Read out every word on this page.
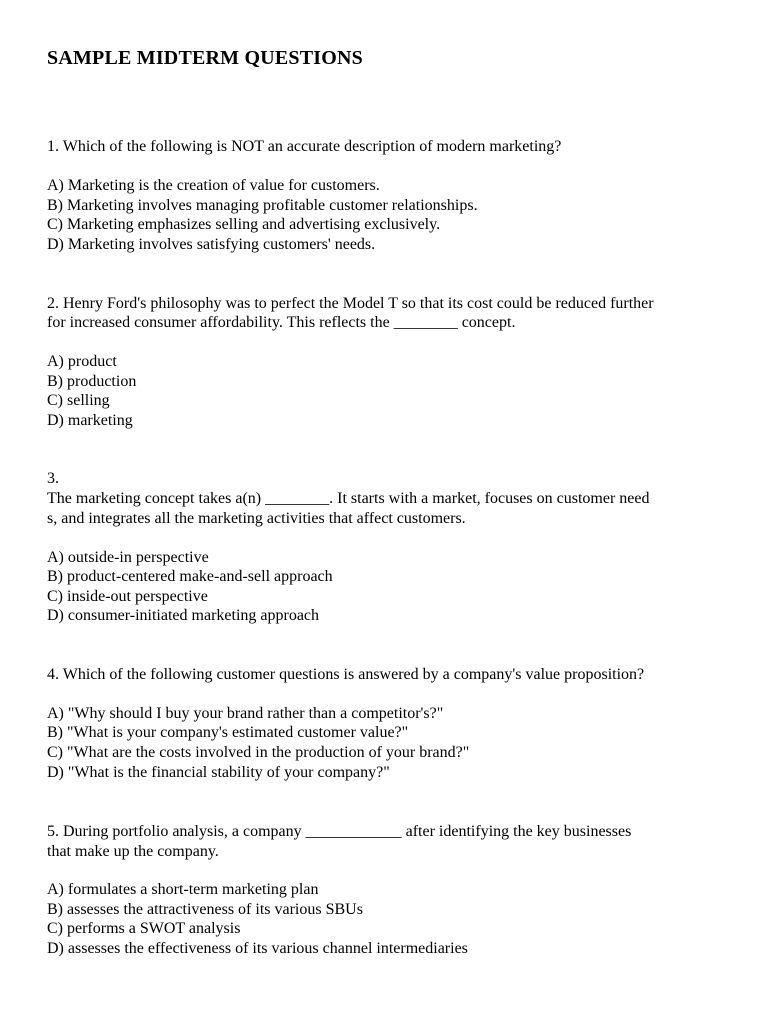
SAMPLE MIDTERM QUESTIONS
1. Which of the following is NOT an accurate description of modern marketing?
A) Marketing is the creation of value for customers.
B) Marketing involves managing profitable customer relationships.
C) Marketing emphasizes selling and advertising exclusively.
D) Marketing involves satisfying customers' needs.
2. Henry Ford's philosophy was to perfect the Model T so that its cost could be reduced further
for increased consumer affordability. This reflects the ________ concept.
A) product
B) production
C) selling
D) marketing
3.
The marketing concept takes a(n) ________. It starts with a market, focuses on customer need
s, and integrates all the marketing activities that affect customers.
A) outside-in perspective
B) product-centered make-and-sell approach
C) inside-out perspective
D) consumer-initiated marketing approach
4. Which of the following customer questions is answered by a company's value proposition?
A) "Why should I buy your brand rather than a competitor's?"
B) "What is your company's estimated customer value?"
C) "What are the costs involved in the production of your brand?"
D) "What is the financial stability of your company?"
5. During portfolio analysis, a company ____________ after identifying the key businesses
that make up the company.
A) formulates a short-term marketing plan
B) assesses the attractiveness of its various SBUs
C) performs a SWOT analysis
D) assesses the effectiveness of its various channel intermediaries
